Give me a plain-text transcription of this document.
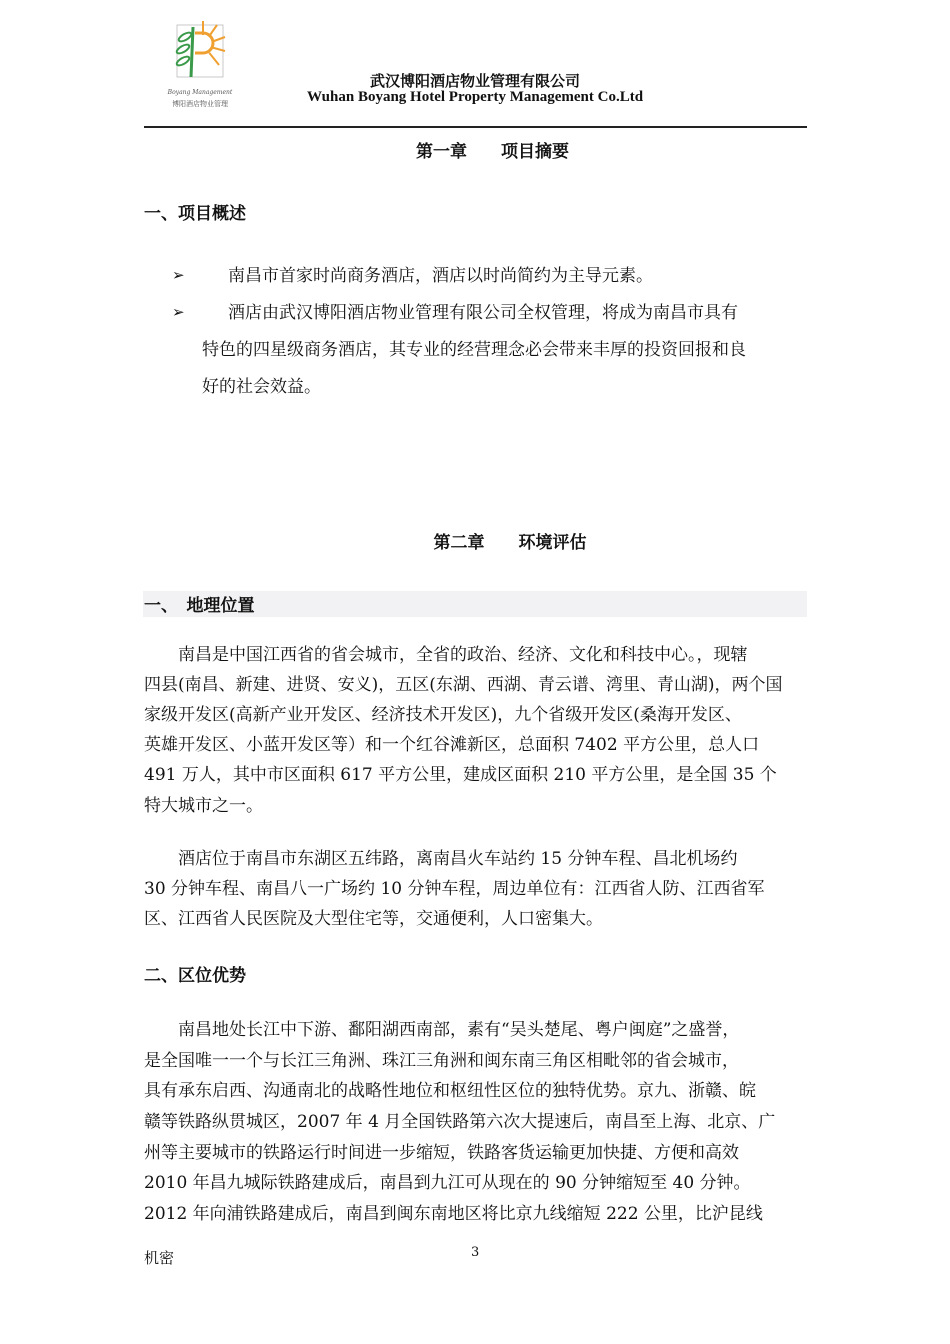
Boyang Management
博阳酒店物业管理
武汉博阳酒店物业管理有限公司
Wuhan Boyang Hotel Property Management Co.Ltd
第一章　　项目摘要
一、项目概述
➢	南昌市首家时尚商务酒店，酒店以时尚简约为主导元素。
➢	酒店由武汉博阳酒店物业管理有限公司全权管理，将成为南昌市具有
特色的四星级商务酒店，其专业的经营理念必会带来丰厚的投资回报和良
好的社会效益。
第二章　　环境评估
一、　地理位置
　　南昌是中国江西省的省会城市，全省的政治、经济、文化和科技中心。，现辖
四县(南昌、新建、进贤、安义)，五区(东湖、西湖、青云谱、湾里、青山湖)，两个国
家级开发区(高新产业开发区、经济技术开发区)，九个省级开发区(桑海开发区、
英雄开发区、小蓝开发区等）和一个红谷滩新区，总面积 7402 平方公里，总人口
491 万人，其中市区面积 617 平方公里，建成区面积 210 平方公里，是全国 35 个
特大城市之一。
　　酒店位于南昌市东湖区五纬路，离南昌火车站约 15 分钟车程、昌北机场约
30 分钟车程、南昌八一广场约 10 分钟车程，周边单位有：江西省人防、江西省军
区、江西省人民医院及大型住宅等，交通便利，人口密集大。
二、区位优势
　　南昌地处长江中下游、鄱阳湖西南部，素有“吴头楚尾、粤户闽庭”之盛誉，
是全国唯一一个与长江三角洲、珠江三角洲和闽东南三角区相毗邻的省会城市，
具有承东启西、沟通南北的战略性地位和枢纽性区位的独特优势。京九、浙赣、皖
赣等铁路纵贯城区，2007 年 4 月全国铁路第六次大提速后，南昌至上海、北京、广
州等主要城市的铁路运行时间进一步缩短，铁路客货运输更加快捷、方便和高效
2010 年昌九城际铁路建成后，南昌到九江可从现在的 90 分钟缩短至 40 分钟。
2012 年向浦铁路建成后，南昌到闽东南地区将比京九线缩短 222 公里，比沪昆线
机密	3
